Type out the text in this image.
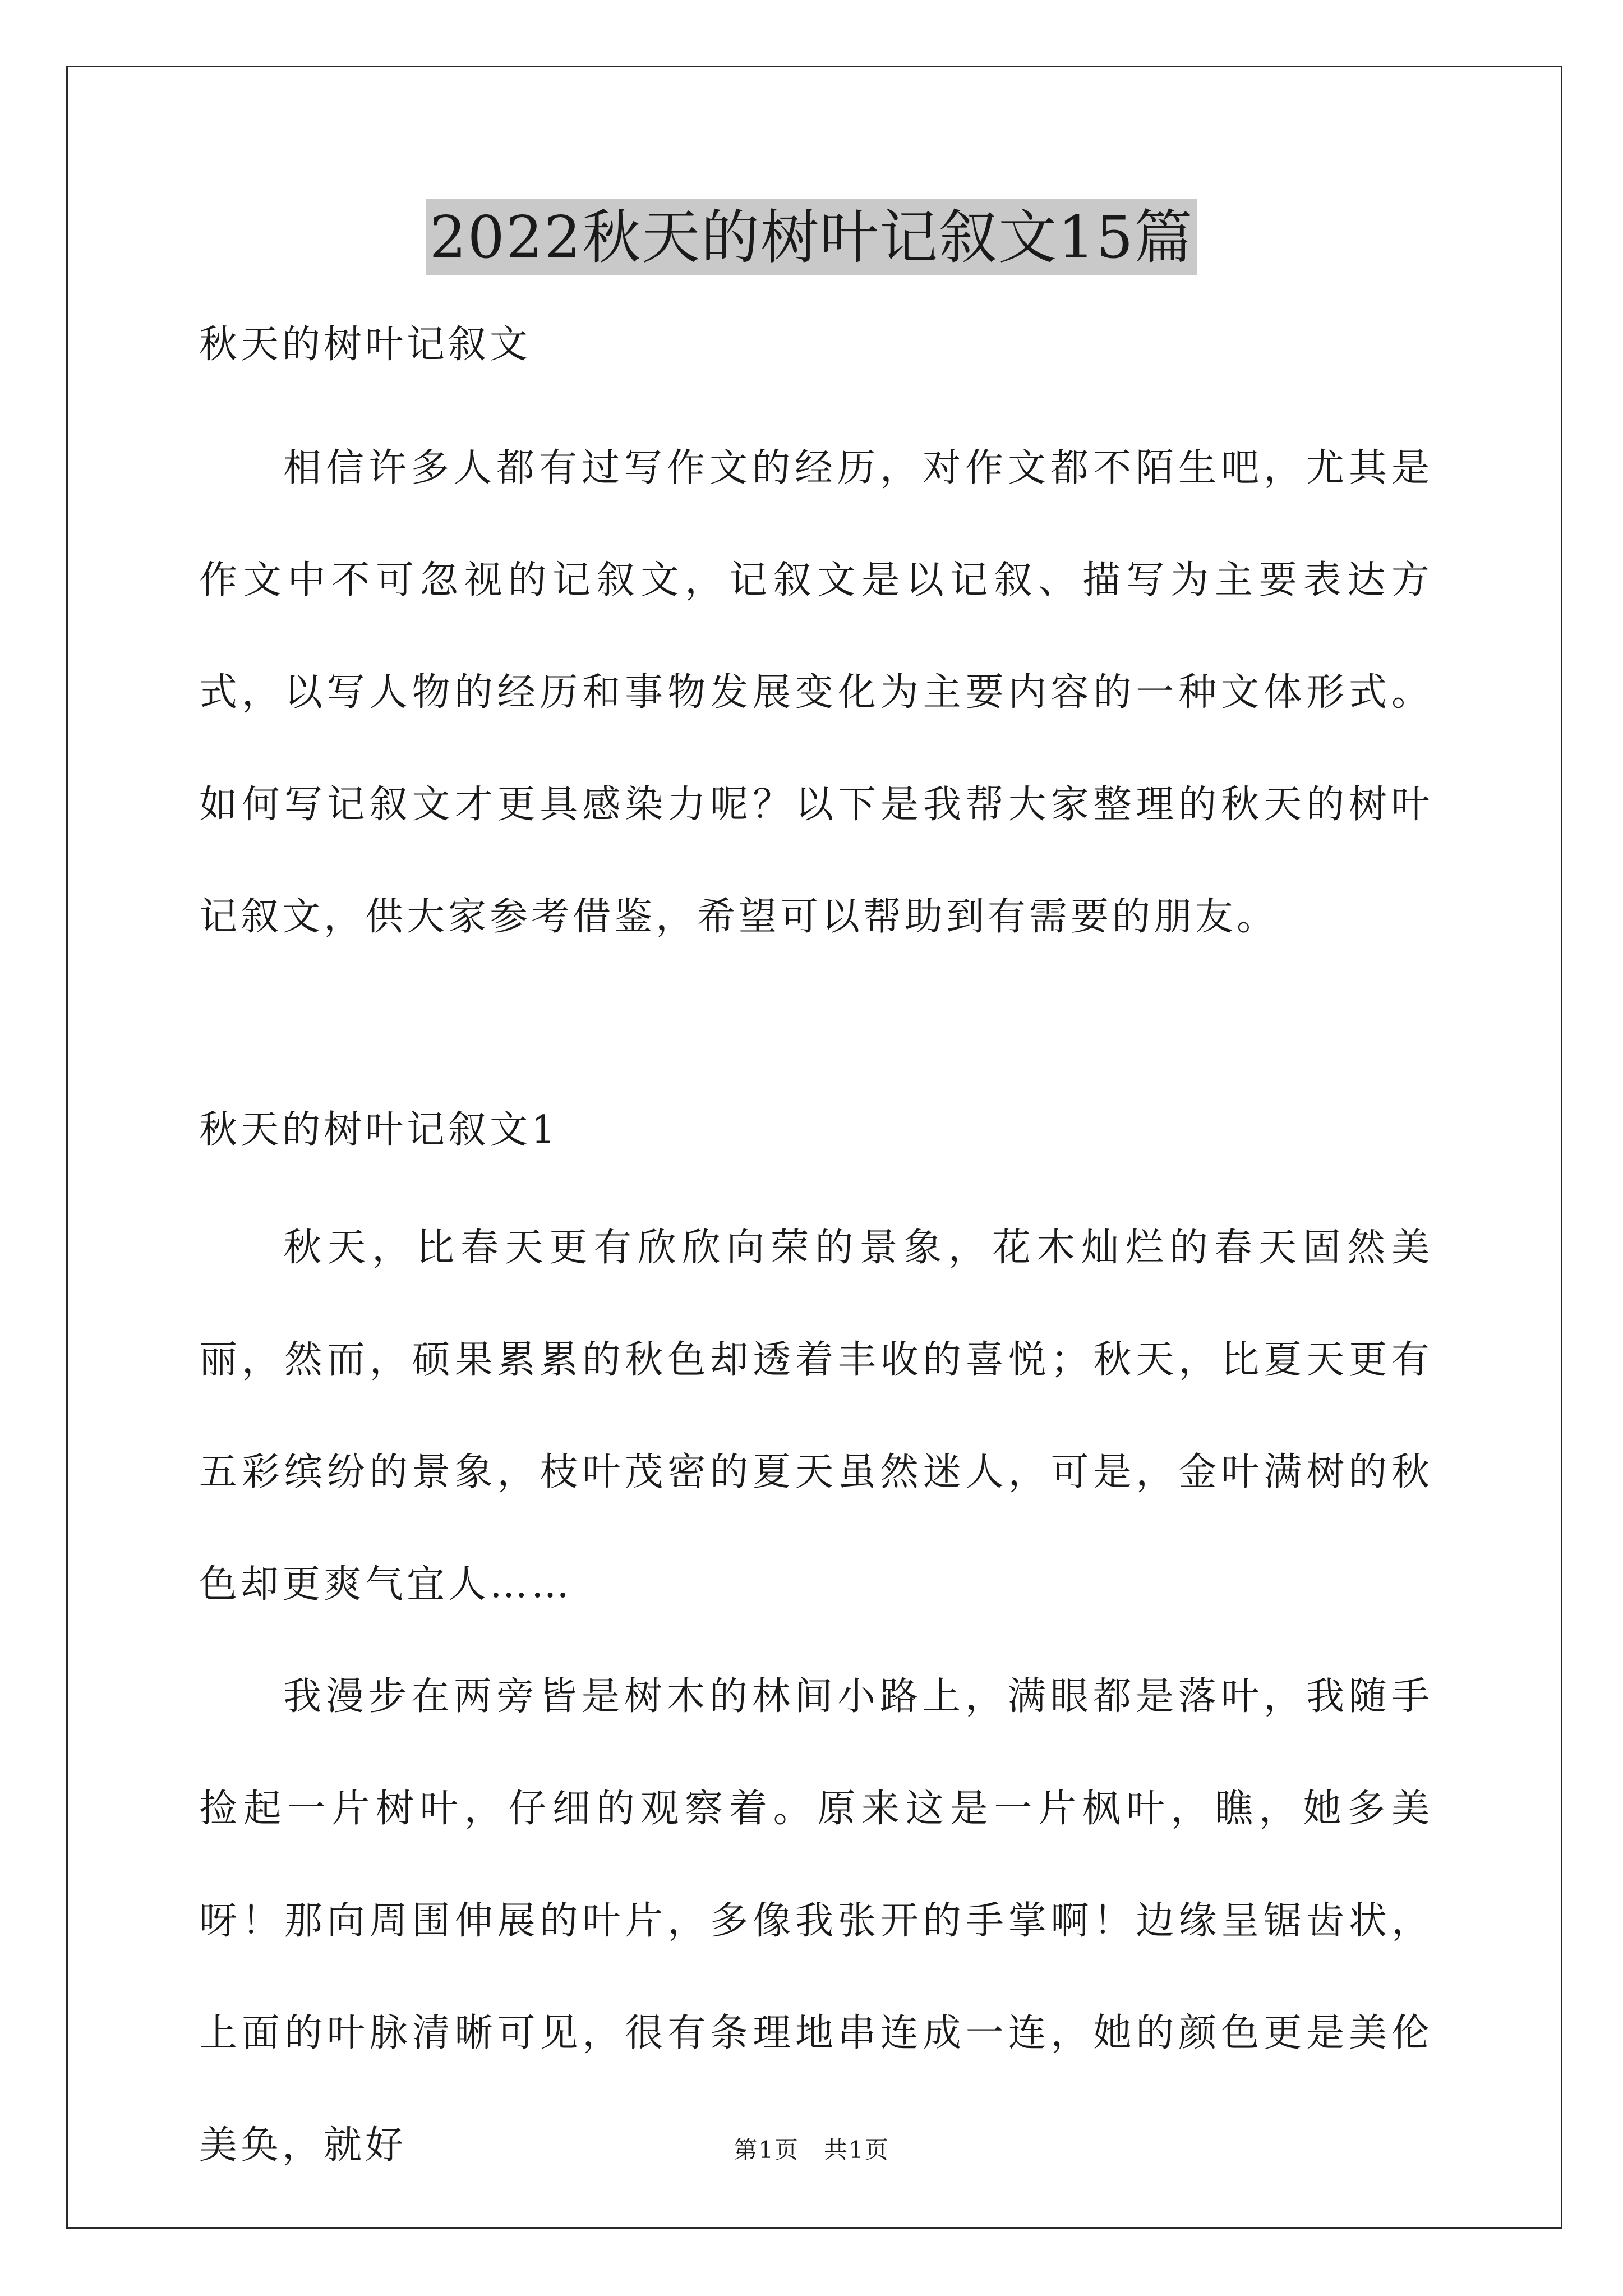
2022秋天的树叶记叙文15篇

秋天的树叶记叙文

相信许多人都有过写作文的经历，对作文都不陌生吧，尤其是作文中不可忽视的记叙文，记叙文是以记叙、描写为主要表达方式，以写人物的经历和事物发展变化为主要内容的一种文体形式。如何写记叙文才更具感染力呢？以下是我帮大家整理的秋天的树叶记叙文，供大家参考借鉴，希望可以帮助到有需要的朋友。

秋天的树叶记叙文1

秋天，比春天更有欣欣向荣的景象，花木灿烂的春天固然美丽，然而，硕果累累的秋色却透着丰收的喜悦；秋天，比夏天更有五彩缤纷的景象，枝叶茂密的夏天虽然迷人，可是，金叶满树的秋色却更爽气宜人……

我漫步在两旁皆是树木的林间小路上，满眼都是落叶，我随手捡起一片树叶，仔细的观察着。原来这是一片枫叶，瞧，她多美呀！那向周围伸展的叶片，多像我张开的手掌啊！边缘呈锯齿状，上面的叶脉清晰可见，很有条理地串连成一连，她的颜色更是美伦美奂，就好	第1页　共1页
